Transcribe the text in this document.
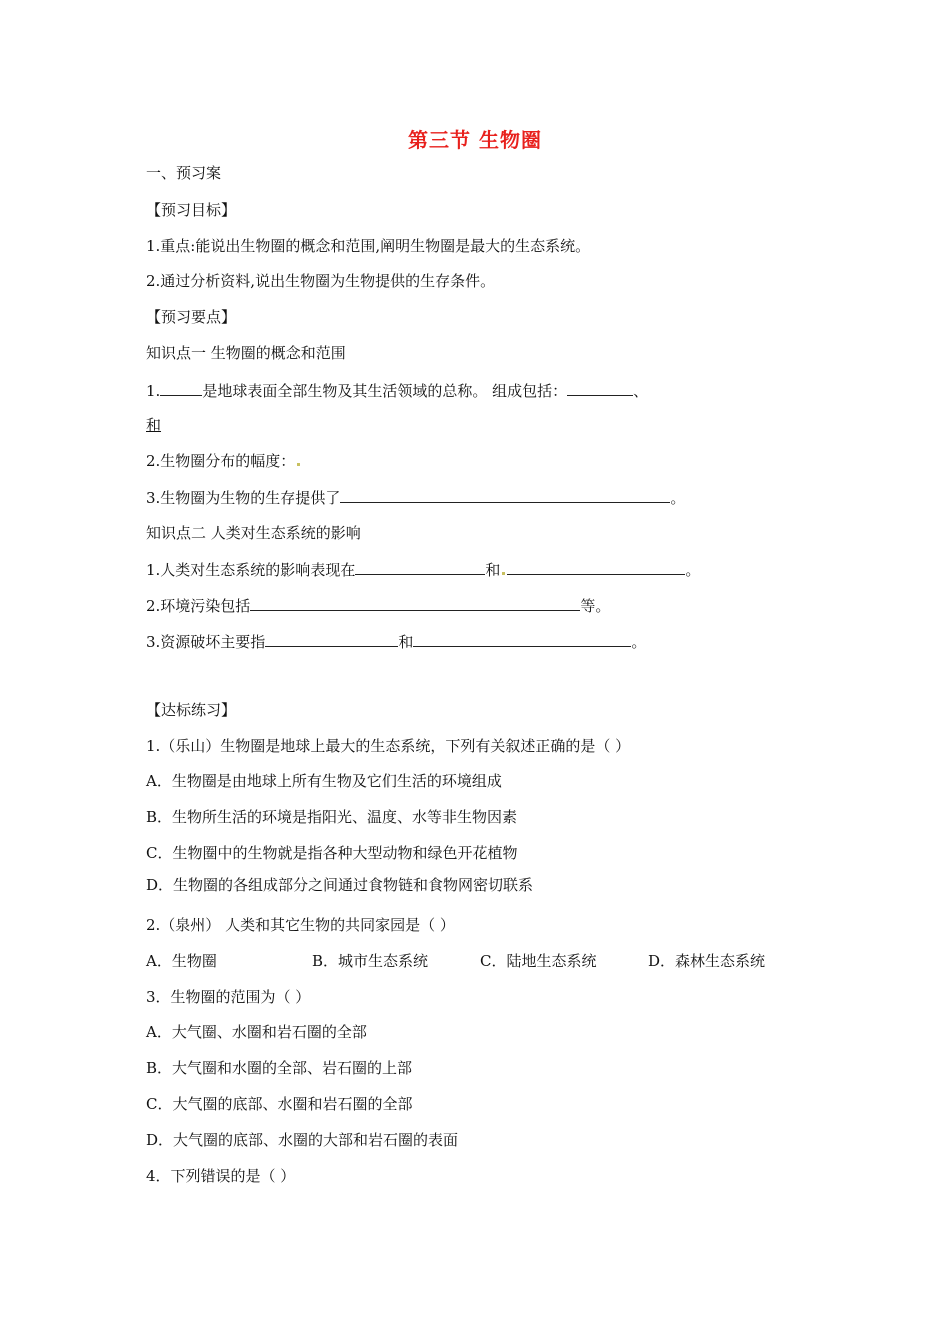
第三节 生物圈
一、预习案
【预习目标】
1.重点:能说出生物圈的概念和范围,阐明生物圈是最大的生态系统。
2.通过分析资料,说出生物圈为生物提供的生存条件。
【预习要点】
知识点一 生物圈的概念和范围
1.	是地球表面全部生物及其生活领域的总称。 组成包括：	、
和
2.生物圈分布的幅度：
3.生物圈为生物的生存提供了	。
知识点二 人类对生态系统的影响
1.人类对生态系统的影响表现在	和	。
2.环境污染包括	等。
3.资源破坏主要指	和	。
【达标练习】
1.（乐山）生物圈是地球上最大的生态系统，下列有关叙述正确的是（ ）
A．生物圈是由地球上所有生物及它们生活的环境组成
B．生物所生活的环境是指阳光、温度、水等非生物因素
C．生物圈中的生物就是指各种大型动物和绿色开花植物
D．生物圈的各组成部分之间通过食物链和食物网密切联系
2.（泉州） 人类和其它生物的共同家园是（ ）
A．生物圈	B．城市生态系统	C．陆地生态系统	D．森林生态系统
3．生物圈的范围为（ ）
A．大气圈、水圈和岩石圈的全部
B．大气圈和水圈的全部、岩石圈的上部
C．大气圈的底部、水圈和岩石圈的全部
D．大气圈的底部、水圈的大部和岩石圈的表面
4．下列错误的是（ ）
